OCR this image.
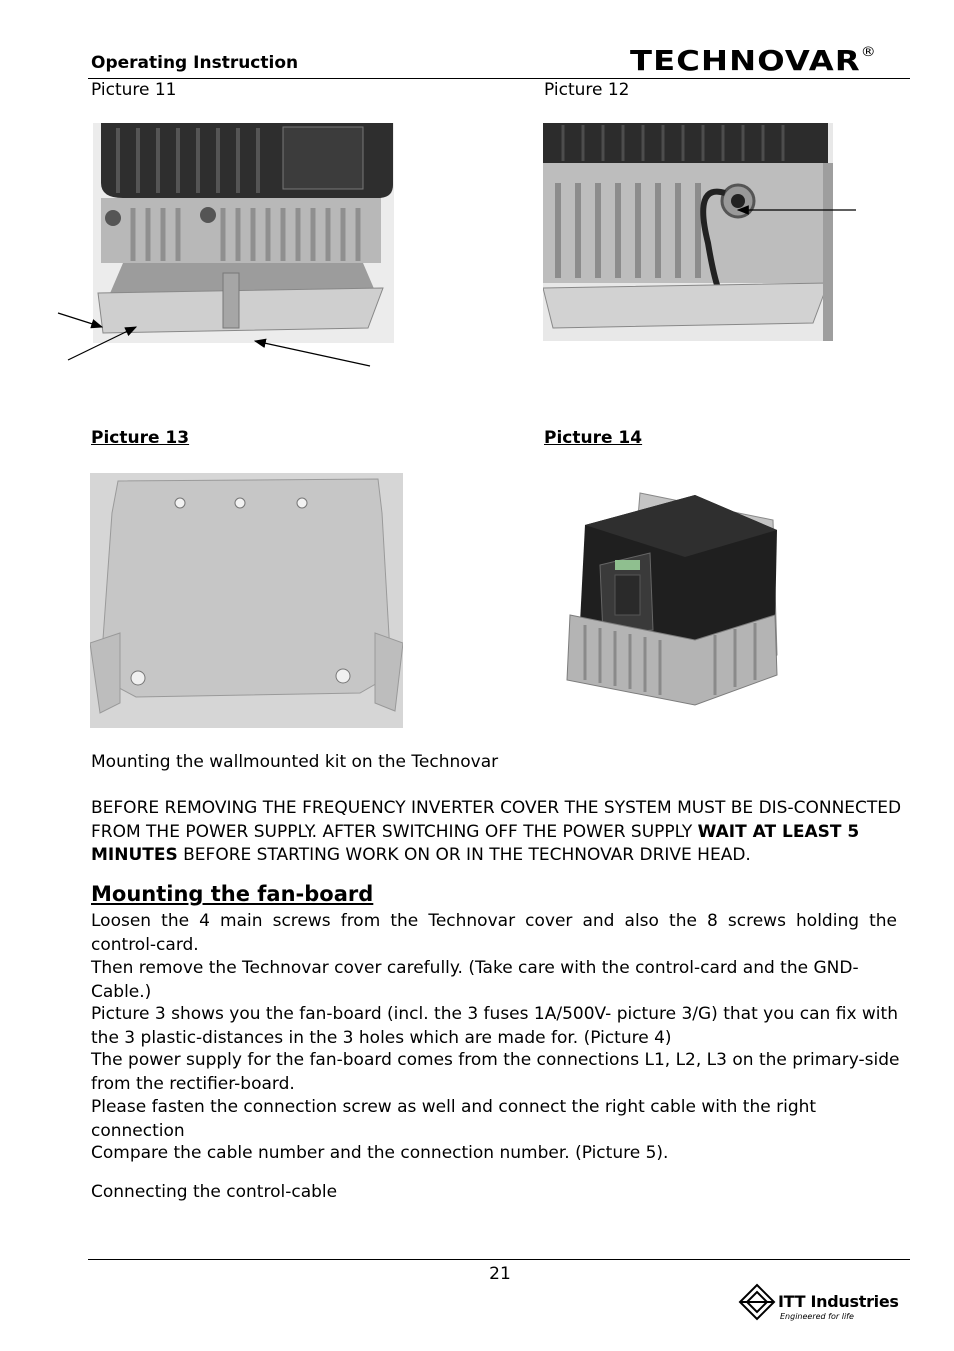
Operating Instruction	TECHNOVAR®
Picture 11	Picture 12
Picture 13	Picture 14
Mounting the wallmounted kit on the Technovar
BEFORE REMOVING THE FREQUENCY INVERTER COVER THE SYSTEM MUST BE DIS-CONNECTED FROM THE POWER SUPPLY. AFTER SWITCHING OFF THE POWER SUPPLY WAIT AT LEAST 5 MINUTES BEFORE STARTING WORK ON OR IN THE TECHNOVAR DRIVE HEAD.
Mounting the fan-board
Loosen the 4 main screws from the Technovar cover and also the 8 screws holding the control-card.
Then remove the Technovar cover carefully. (Take care with the control-card and the GND-Cable.)
Picture 3 shows you the fan-board (incl. the 3 fuses 1A/500V- picture 3/G) that you can fix with the 3 plastic-distances in the 3 holes which are made for. (Picture 4)
The power supply for the fan-board comes from the connections L1, L2, L3 on the primary-side from the rectifier-board.
Please fasten the connection screw as well and connect the right cable with the right connection
Compare the cable number and the connection number. (Picture 5).
Connecting the control-cable
21
ITT Industries
Engineered for life
